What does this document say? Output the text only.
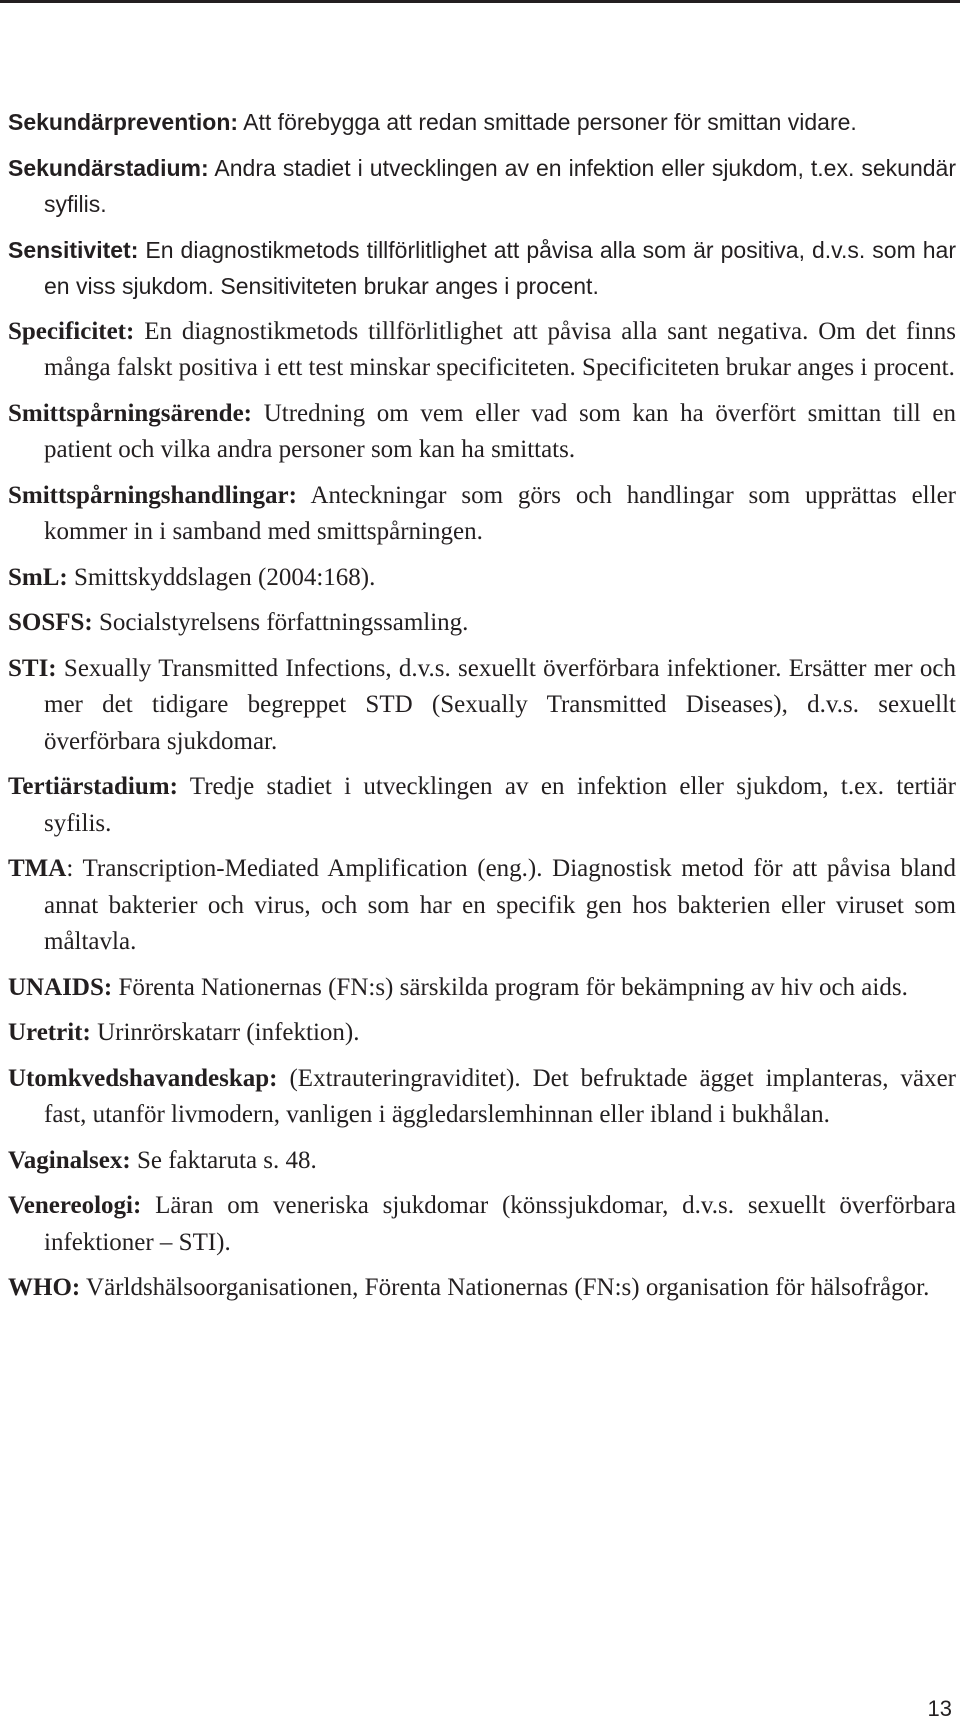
Sekundärprevention: Att förebygga att redan smittade personer för smittan vidare.

Sekundärstadium: Andra stadiet i utvecklingen av en infektion eller sjukdom, t.ex. sekundär syfilis.

Sensitivitet: En diagnostikmetods tillförlitlighet att påvisa alla som är positiva, d.v.s. som har en viss sjukdom. Sensitiviteten brukar anges i procent.

Specificitet: En diagnostikmetods tillförlitlighet att påvisa alla sant negativa. Om det finns många falskt positiva i ett test minskar specificiteten. Specificiteten brukar anges i procent.

Smittspårningsärende: Utredning om vem eller vad som kan ha överfört smittan till en patient och vilka andra personer som kan ha smittats.

Smittspårningshandlingar: Anteckningar som görs och handlingar som upprättas eller kommer in i samband med smittspårningen.

SmL: Smittskyddslagen (2004:168).

SOSFS: Socialstyrelsens författningssamling.

STI: Sexually Transmitted Infections, d.v.s. sexuellt överförbara infektioner. Ersätter mer och mer det tidigare begreppet STD (Sexually Transmitted Diseases), d.v.s. sexuellt överförbara sjukdomar.

Tertiärstadium: Tredje stadiet i utvecklingen av en infektion eller sjukdom, t.ex. tertiär syfilis.

TMA: Transcription-Mediated Amplification (eng.). Diagnostisk metod för att påvisa bland annat bakterier och virus, och som har en specifik gen hos bakterien eller viruset som måltavla.

UNAIDS: Förenta Nationernas (FN:s) särskilda program för bekämpning av hiv och aids.

Uretrit: Urinrörskatarr (infektion).

Utomkvedshavandeskap: (Extrauteringraviditet). Det befruktade ägget implanteras, växer fast, utanför livmodern, vanligen i äggledarslemhinnan eller ibland i bukhålan.

Vaginalsex: Se faktaruta s. 48.

Venereologi: Läran om veneriska sjukdomar (könssjukdomar, d.v.s. sexuellt överförbara infektioner – STI).

WHO: Världshälsoorganisationen, Förenta Nationernas (FN:s) organisation för hälsofrågor.

13
